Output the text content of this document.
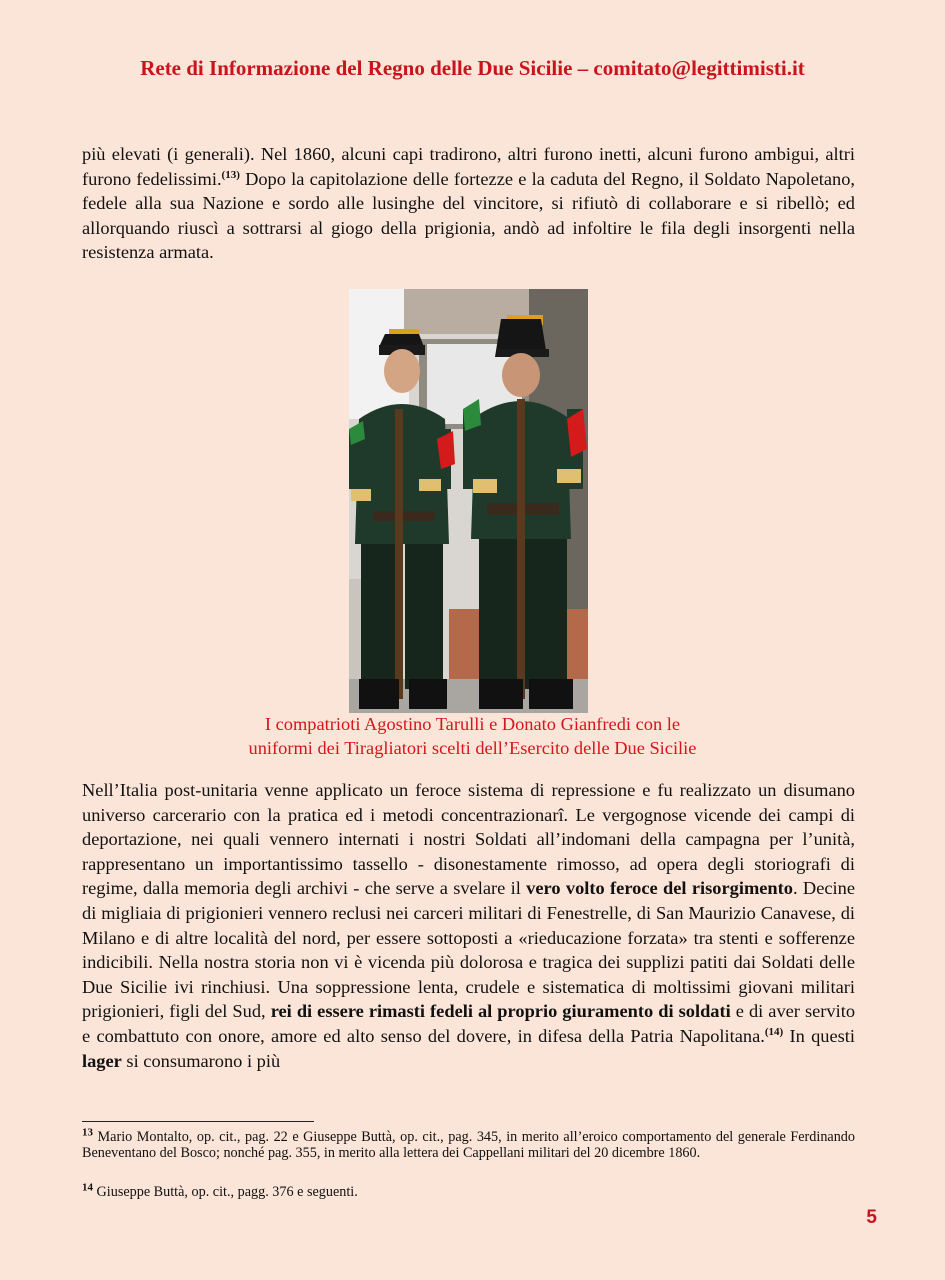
Rete di Informazione del Regno delle Due Sicilie – comitato@legittimisti.it
più elevati (i generali). Nel 1860, alcuni capi tradirono, altri furono inetti, alcuni furono ambigui, altri furono fedelissimi.$^{(13)}$ Dopo la capitolazione delle fortezze e la caduta del Regno, il Soldato Napoletano, fedele alla sua Nazione e sordo alle lusinghe del vincitore, si rifiutò di collaborare e si ribellò; ed allorquando riuscì a sottrarsi al giogo della prigionia, andò ad infoltire le fila degli insorgenti nella resistenza armata.
I compatrioti Agostino Tarulli e Donato Gianfredi con le
uniformi dei Tiragliatori scelti dell’Esercito delle Due Sicilie
Nell’Italia post-unitaria venne applicato un feroce sistema di repressione e fu realizzato un disumano universo carcerario con la pratica ed i metodi concentrazionarî. Le vergognose vicende dei campi di deportazione, nei quali vennero internati i nostri Soldati all’indomani della campagna per l’unità, rappresentano un importantissimo tassello - disonestamente rimosso, ad opera degli storiografi di regime, dalla memoria degli archivi - che serve a svelare il vero volto feroce del risorgimento. Decine di migliaia di prigionieri vennero reclusi nei carceri militari di Fenestrelle, di San Maurizio Canavese, di Milano e di altre località del nord, per essere sottoposti a «rieducazione forzata» tra stenti e sofferenze indicibili. Nella nostra storia non vi è vicenda più dolorosa e tragica dei supplizi patiti dai Soldati delle Due Sicilie ivi rinchiusi. Una soppressione lenta, crudele e sistematica di moltissimi giovani militari prigionieri, figli del Sud, rei di essere rimasti fedeli al proprio giuramento di soldati e di aver servito e combattuto con onore, amore ed alto senso del dovere, in difesa della Patria Napolitana.$^{(14)}$ In questi lager si consumarono i più
$^{13}$ Mario Montalto, op. cit., pag. 22 e Giuseppe Buttà, op. cit., pag. 345, in merito all’eroico comportamento del generale Ferdinando Beneventano del Bosco; nonché pag. 355, in merito alla lettera dei Cappellani militari del 20 dicembre 1860.
$^{14}$ Giuseppe Buttà, op. cit., pagg. 376 e seguenti.
5
